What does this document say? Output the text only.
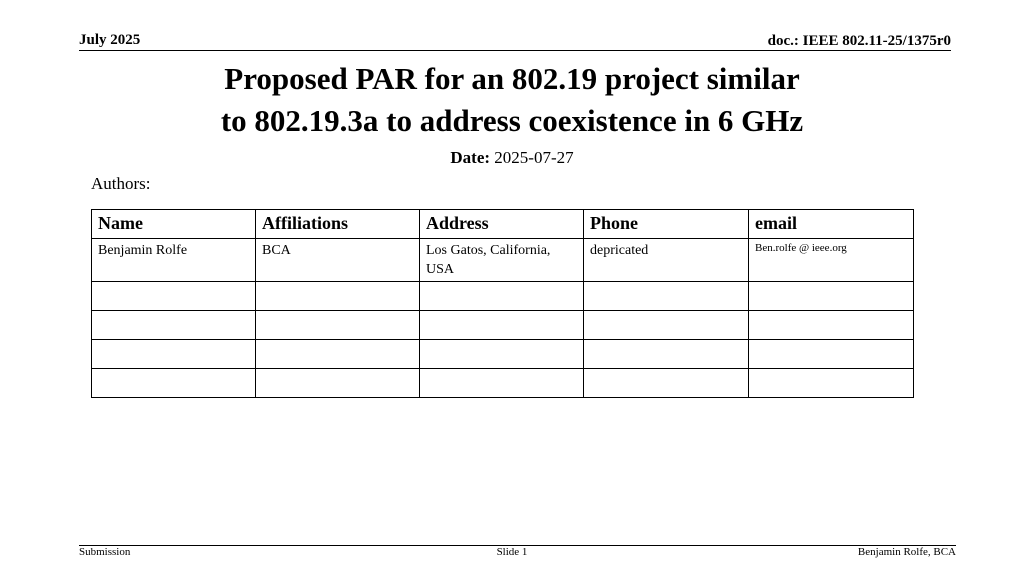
July 2025	doc.: IEEE 802.11-25/1375r0
Proposed PAR for an 802.19 project similar
to 802.19.3a to address coexistence in 6 GHz
Date: 2025-07-27
Authors:
Name	Affiliations	Address	Phone	email
Benjamin Rolfe	BCA	Los Gatos, California, USA	depricated	Ben.rolfe @ ieee.org

Submission	Slide 1	Benjamin Rolfe, BCA
